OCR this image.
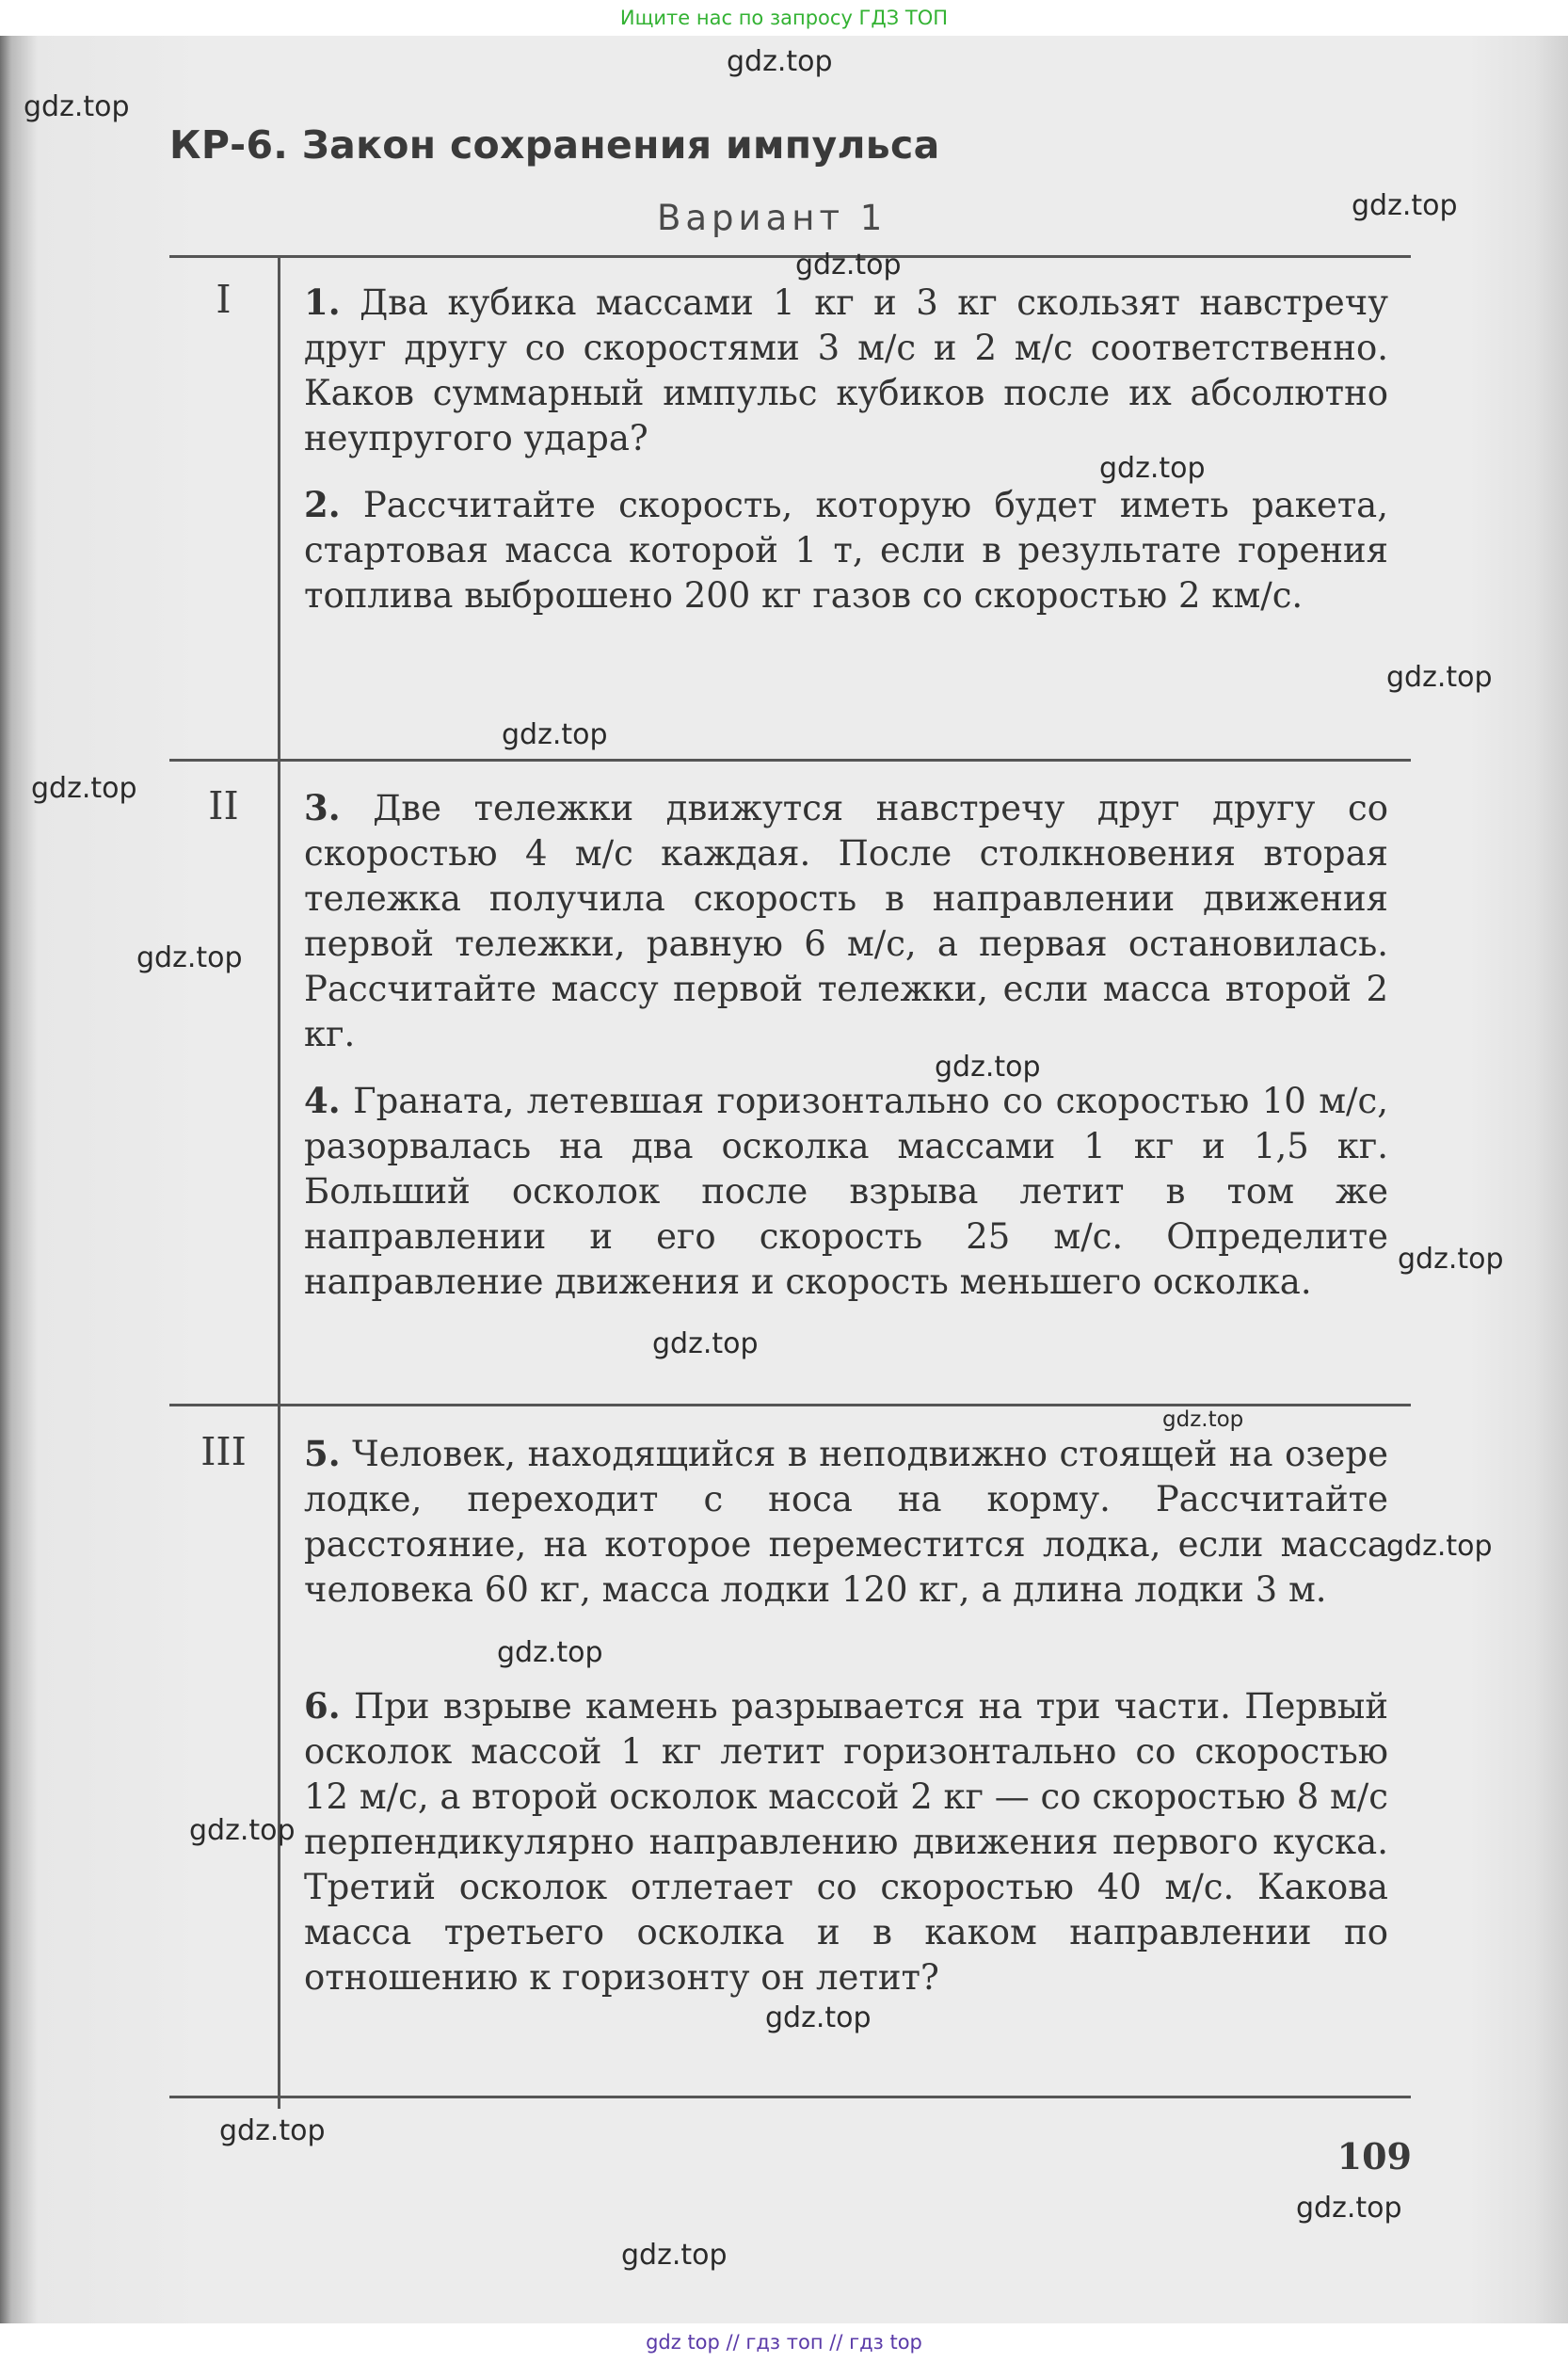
Ищите нас по запросу ГДЗ ТОП
КР-6. Закон сохранения импульса
Вариант 1
I
II
III

1. Два кубика массами 1 кг и 3 кг скользят навстречу друг другу со скоростями 3 м/с и 2 м/с соответственно. Каков суммарный импульс кубиков после их абсолютно неупругого удара?

2. Рассчитайте скорость, которую будет иметь ракета, стартовая масса которой 1 т, если в результате горения топлива выброшено 200 кг газов со скоростью 2 км/с.

3. Две тележки движутся навстречу друг другу со скоростью 4 м/с каждая. После столкновения вторая тележка получила скорость в направлении движения первой тележки, равную 6 м/с, а первая остановилась. Рассчитайте массу первой тележки, если масса второй 2 кг.

4. Граната, летевшая горизонтально со скоростью 10 м/с, разорвалась на два осколка массами 1 кг и 1,5 кг. Больший осколок после взрыва летит в том же направлении и его скорость 25 м/с. Определите направление движения и скорость меньшего осколка.

5. Человек, находящийся в неподвижно стоящей на озере лодке, переходит с носа на корму. Рассчитайте расстояние, на которое переместится лодка, если масса человека 60 кг, масса лодки 120 кг, а длина лодки 3 м.

6. При взрыве камень разрывается на три части. Первый осколок массой 1 кг летит горизонтально со скоростью 12 м/с, а второй осколок массой 2 кг — со скоростью 8 м/с перпендикулярно направлению движения первого куска. Третий осколок отлетает со скоростью 40 м/с. Какова масса третьего осколка и в каком направлении по отношению к горизонту он летит?

109
gdz.top
gdz.top
gdz.top
gdz.top
gdz.top
gdz.top
gdz.top
gdz.top
gdz.top
gdz.top
gdz.top
gdz.top
gdz.top
gdz.top
gdz.top
gdz.top
gdz.top
gdz.top
gdz.top
gdz.top
gdz top // гдз топ // гдз top
